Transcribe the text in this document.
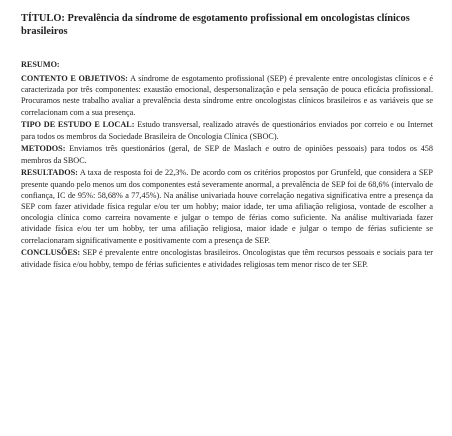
TÍTULO: Prevalência da síndrome de esgotamento profissional em oncologistas clínicos brasileiros
RESUMO:

CONTENTO E OBJETIVOS: A síndrome de esgotamento profissional (SEP) é prevalente entre oncologistas clínicos e é caracterizada por três componentes: exaustão emocional, despersonalização e pela sensação de pouca eficácia profissional. Procuramos neste trabalho avaliar a prevalência desta síndrome entre oncologistas clínicos brasileiros e as variáveis que se correlacionam com a sua presença.

TIPO DE ESTUDO E LOCAL: Estudo transversal, realizado através de questionários enviados por correio e ou Internet para todos os membros da Sociedade Brasileira de Oncologia Clínica (SBOC).

METODOS: Enviamos três questionários (geral, de SEP de Maslach e outro de opiniões pessoais) para todos os 458 membros da SBOC.

RESULTADOS: A taxa de resposta foi de 22,3%. De acordo com os critérios propostos por Grunfeld, que considera a SEP presente quando pelo menos um dos componentes está severamente anormal, a prevalência de SEP foi de 68,6% (intervalo de confiança, IC de 95%: 58,68% a 77,45%). Na análise univariada houve correlação negativa significativa entre a presença da SEP com fazer atividade física regular e/ou ter um hobby; maior idade, ter uma afiliação religiosa, vontade de escolher a oncologia clínica como carreira novamente e julgar o tempo de férias como suficiente. Na análise multivariada fazer atividade física e/ou ter um hobby, ter uma afiliação religiosa, maior idade e julgar o tempo de férias suficiente se correlacionaram significativamente e positivamente com a presença de SEP.

CONCLUSÕES: SEP é prevalente entre oncologistas brasileiros. Oncologistas que têm recursos pessoais e sociais para ter atividade física e/ou hobby, tempo de férias suficientes e atividades religiosas tem menor risco de ter SEP.
